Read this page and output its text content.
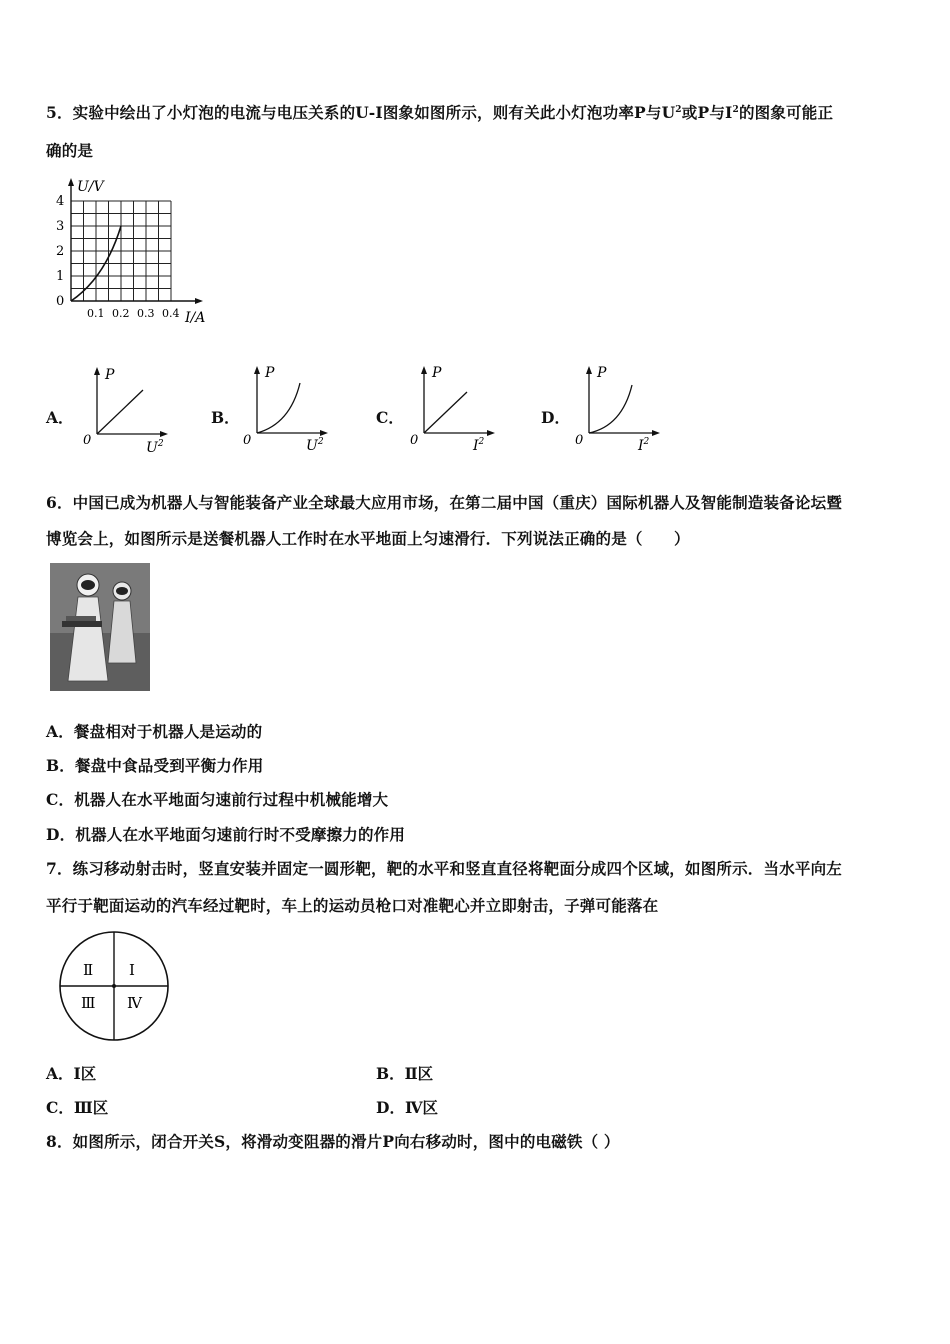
5．实验中绘出了小灯泡的电流与电压关系的U-I图象如图所示，则有关此小灯泡功率P与$U^2$或P与$I^2$的图象可能正
确的是
U/V
0
1
2
3
4
0.1 0.2 0.3 0.4 I/A
A．
P
0	$U^2$
B．
P
0	$U^2$
C．
P
0	$I^2$
D．
P
0	$I^2$
6．中国已成为机器人与智能装备产业全球最大应用市场，在第二届中国（重庆）国际机器人及智能制造装备论坛暨
博览会上，如图所示是送餐机器人工作时在水平地面上匀速滑行．下列说法正确的是（　　）
A．餐盘相对于机器人是运动的
B．餐盘中食品受到平衡力作用
C．机器人在水平地面匀速前行过程中机械能增大
D．机器人在水平地面匀速前行时不受摩擦力的作用
7．练习移动射击时，竖直安装并固定一圆形靶，靶的水平和竖直直径将靶面分成四个区域，如图所示．当水平向左
平行于靶面运动的汽车经过靶时，车上的运动员枪口对准靶心并立即射击，子弹可能落在
Ⅰ
Ⅱ
Ⅲ Ⅳ
A．Ⅰ区	B．Ⅱ区
C．Ⅲ区	D．Ⅳ区
8．如图所示，闭合开关S，将滑动变阻器的滑片P向右移动时，图中的电磁铁（ ）
